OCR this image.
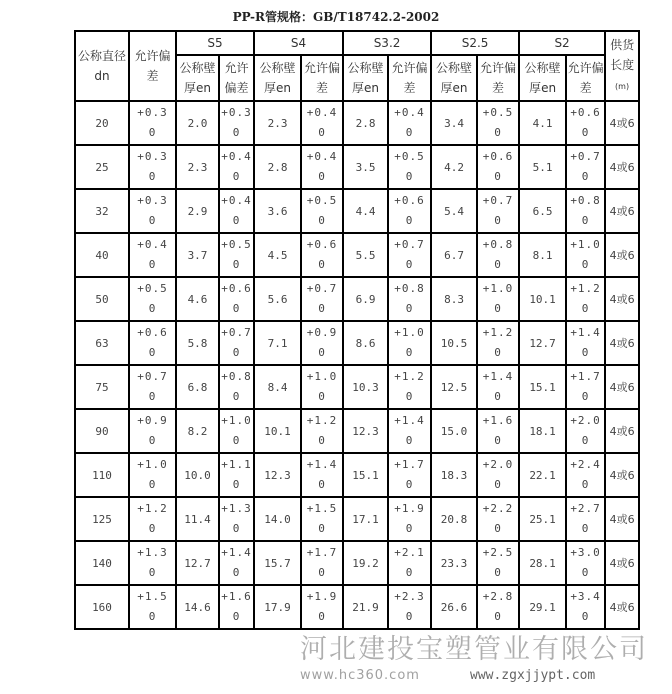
PP-R管规格：GB/T18742.2-2002
公称直径dn	允许偏差	S5		S4		S3.2		S2.5		S2		供货长度
(m)
		公称壁厚en	允许偏差	公称壁厚en	允许偏差	公称壁厚en	允许偏差	公称壁厚en	允许偏差	公称壁厚en	允许偏差	
20	+0.30	2.0	+0.30	2.3	+0.40	2.8	+0.40	3.4	+0.50	4.1	+0.60	4或6
25	+0.30	2.3	+0.40	2.8	+0.40	3.5	+0.50	4.2	+0.60	5.1	+0.70	4或6
32	+0.30	2.9	+0.40	3.6	+0.50	4.4	+0.60	5.4	+0.70	6.5	+0.80	4或6
40	+0.40	3.7	+0.50	4.5	+0.60	5.5	+0.70	6.7	+0.80	8.1	+1.00	4或6
50	+0.50	4.6	+0.60	5.6	+0.70	6.9	+0.80	8.3	+1.00	10.1	+1.20	4或6
63	+0.60	5.8	+0.70	7.1	+0.90	8.6	+1.00	10.5	+1.20	12.7	+1.40	4或6
75	+0.70	6.8	+0.80	8.4	+1.00	10.3	+1.20	12.5	+1.40	15.1	+1.70	4或6
90	+0.90	8.2	+1.00	10.1	+1.20	12.3	+1.40	15.0	+1.60	18.1	+2.00	4或6
110	+1.00	10.0	+1.10	12.3	+1.40	15.1	+1.70	18.3	+2.00	22.1	+2.40	4或6
125	+1.20	11.4	+1.30	14.0	+1.50	17.1	+1.90	20.8	+2.20	25.1	+2.70	4或6
140	+1.30	12.7	+1.40	15.7	+1.70	19.2	+2.10	23.3	+2.50	28.1	+3.00	4或6
160	+1.50	14.6	+1.60	17.9	+1.90	21.9	+2.30	26.6	+2.80	29.1	+3.40	4或6
河北建投宝塑管业有限公司
www.hc360.com	www.zgxjjypt.com
